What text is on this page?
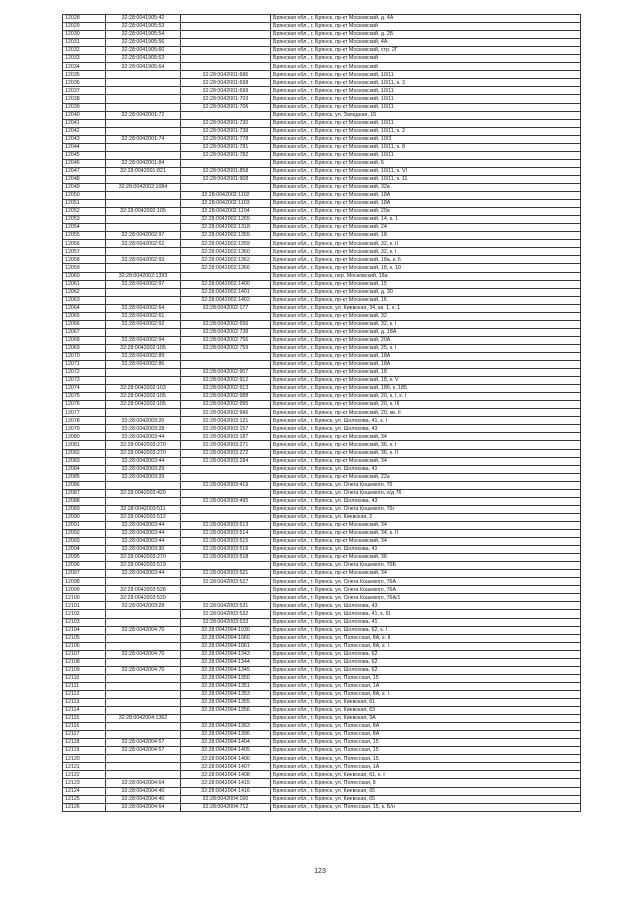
12028	32:28:0041905:42		Брянская обл., г. Брянск, пр-кт Московский, д. 4А
12029	32:28:0041905:53		Брянская обл., г. Брянск, пр-кт Московский
12030	32:28:0041905:54		Брянская обл., г. Брянск, пр-кт Московский, д. 2Б
12031	32:28:0041905:56		Брянская обл., г. Брянск, пр-кт Московский, 4А
12032	32:28:0041905:60		Брянская обл., г. Брянск, пр-кт Московский, стр. 2Г
12033	32:28:0041905:63		Брянская обл., г. Брянск, пр-кт Московский
12034	32:28:0041905:64		Брянская обл., г. Брянск, пр-кт Московский
12035		32:28:0042001:686	Брянская обл., г. Брянск, пр-кт Московский, 10/11
12036		32:28:0042001:698	Брянская обл., г. Брянск, пр-кт Московский, 10/11, к. 3
12037		32:28:0042001:699	Брянская обл., г. Брянск, пр-кт Московский, 10/11
12038		32:28:0042001:703	Брянская обл., г. Брянск, пр-кт Московский, 10/11
12039		32:28:0042001:706	Брянская обл., г. Брянск, пр-кт Московский, 10/11
12040	32:28:0042001:72		Брянская обл., г. Брянск, ул. Западная, 15
12041		32:28:0042001:730	Брянская обл., г. Брянск, пр-кт Московский, 10/11
12042		32:28:0042001:738	Брянская обл., г. Брянск, пр-кт Московский, 10/11, к. 2
12043	32:28:0042001:74	32:28:0042001:778	Брянская обл., г. Брянск, пр-кт Московский, 10/3
12044		32:28:0042001:781	Брянская обл., г. Брянск, пр-кт Московский, 10/11, к. 8
12045		32:28:0042001:782	Брянская обл., г. Брянск, пр-кт Московский, 10/11
12046	32:28:0042001:84		Брянская обл., г. Брянск, пр-кт Московский, 6
12047	32:28:0042001:821	32:28:0042001:858	Брянская обл., г. Брянск, пр-кт Московский, 10/11, к. VI
12048		32:28:0042001:908	Брянская обл., г. Брянск, пр-кт Московский, 10/11, к. 11
12049	32:28:0042002:1084		Брянская обл., г. Брянск, пр-кт Московский, 32а
12050		32:28:0042002:1102	Брянская обл., г. Брянск, пр-кт Московский, 18А
12051		32:28:0042002:1103	Брянская обл., г. Брянск, пр-кт Московский, 18А
12052	32:28:0042002:105	32:28:0042002:1104	Брянская обл., г. Брянск, пр-кт Московский, 20а
12053		32:28:0042002:1265	Брянская обл., г. Брянск, пр-кт Московский, 14, к. 1
12054		32:28:0042002:1318	Брянская обл., г. Брянск, пр-кт Московский, 24
12055	32:28:0042002:97	32:28:0042002:1355	Брянская обл., г. Брянск, пр-кт Московский, 18
12056	32:28:0042002:62	32:28:0042002:1359	Брянская обл., г. Брянск, пр-кт Московский, 32, к. II
12057		32:28:0042002:1360	Брянская обл., г. Брянск, пр-кт Московский, 32, к. I
12058	32:28:0042002:93	32:28:0042002:1362	Брянская обл., г. Брянск, пр-кт Московский, 18а, к. 6
12059		32:28:0042002:1366	Брянская обл., г. Брянск, пр-кт Московский, 18, к. 10
12060	32:28:0042002:1393		Брянская обл., г. Брянск, пер. Московский, 18а
12061	32:28:0042002:97	32:28:0042002:1400	Брянская обл., г. Брянск, пр-кт Московский, 15
12062		32:28:0042002:1401	Брянская обл., г. Брянск, пр-кт Московский, д. 30
12063		32:28:0042002:1402	Брянская обл., г. Брянск, пр-кт Московский, 16
12064	32:28:0042002:64	32:28:0042002:177	Брянская обл., г. Брянск, ул. Киевская, 34, кв. 1, к. 1
12065	32:28:0042002:61		Брянская обл., г. Брянск, пр-кт Московский, 32
12066	32:28:0042002:92	32:28:0042002:656	Брянская обл., г. Брянск, пр-кт Московский, 32, к. I
12067		32:28:0042002:738	Брянская обл., г. Брянск, пр-кт Московский, д. 18А
12068	32:28:0042002:94	32:28:0042002:756	Брянская обл., г. Брянск, пр-кт Московский, 20А
12069	32:28:0042002:105	32:28:0042002:759	Брянская обл., г. Брянск, пр-кт Московский, 25, к. I
12070	32:28:0042002:89		Брянская обл., г. Брянск, пр-кт Московский, 18А
12071	32:28:0042002:86		Брянская обл., г. Брянск, пр-кт Московский, 18А
12072		32:28:0042002:907	Брянская обл., г. Брянск, пр-кт Московский, 18
12073		32:28:0042002:912	Брянская обл., г. Брянск, пр-кт Московский, 18, к. V
12074	32:28:0042002:103	32:28:0042002:913	Брянская обл., г. Брянск, пр-кт Московский, 18б, к. 185
12075	32:28:0042002:105	32:28:0042002:988	Брянская обл., г. Брянск, пр-кт Московский, 20, к. I, к. I
12076	32:28:0042002:105	32:28:0042002:995	Брянская обл., г. Брянск, пр-кт Московский, 20, к. III
12077		32:28:0042002:996	Брянская обл., г. Брянск, пр-кт Московский, 20, кв. II
12078	32:28:0042003:20	32:28:0042003:121	Брянская обл., г. Брянск, ул. Шолохова, 41, к. I
12079	32:28:0042003:28	32:28:0042003:157	Брянская обл., г. Брянск, ул. Шолохова, 43
12080	32:28:0042003:44	32:28:0042003:187	Брянская обл., г. Брянск, пр-кт Московский, 34
12081	32:28:0042003:270	32:28:0042003:271	Брянская обл., г. Брянск, пр-кт Московский, 36, к. I
12082	32:28:0042003:270	32:28:0042003:272	Брянская обл., г. Брянск, пр-кт Московский, 36, к. II
12083	32:28:0042003:44	32:28:0042003:284	Брянская обл., г. Брянск, пр-кт Московский, 34
12084	32:28:0042003:29		Брянская обл., г. Брянск, ул. Шолохова, 41
12085	32:28:0042003:39		Брянская обл., г. Брянск, пр-кт Московский, 22а
12086		32:28:0042003:419	Брянская обл., г. Брянск, ул. Олега Кошевого, 76
12087	32:28:0042003:420		Брянская обл., г. Брянск, ул. Олега Кошевого, о/д 76
12088		32:28:0042003:495	Брянская обл., г. Брянск, ул. Шолохова, 43
12089	32:28:0042003:511		Брянская обл., г. Брянск, ул. Олега Кошевого, 76г
12090	32:28:0042003:512		Брянская обл., г. Брянск, ул. Киевская, 2
12091	32:28:0042003:44	32:28:0042003:513	Брянская обл., г. Брянск, пр-кт Московский, 34
12092	32:28:0042003:44	32:28:0042003:514	Брянская обл., г. Брянск, пр-кт Московский, 34, к. II
12093	32:28:0042003:44	32:28:0042003:515	Брянская обл., г. Брянск, пр-кт Московский, 34
12094	32:28:0042003:30	32:28:0042003:516	Брянская обл., г. Брянск, ул. Шолохова, 41
12095	32:28:0042003:270	32:28:0042003:518	Брянская обл., г. Брянск, пр-кт Московский, 36
12096	32:28:0042003:519		Брянская обл., г. Брянск, ул. Олега Кошевого, 76Б
12097	32:28:0042003:44	32:28:0042003:521	Брянская обл., г. Брянск, пр-кт Московский, 34
12098		32:28:0042003:527	Брянская обл., г. Брянск, ул. Олега Кошевого, 76А
12099	32:28:0042003:528		Брянская обл., г. Брянск, ул. Олега Кошевого, 76А
12100	32:28:0042003:529		Брянская обл., г. Брянск, ул. Олега Кошевого, 76А/1
12101	32:28:0042003:28	32:28:0042003:531	Брянская обл., г. Брянск, ул. Шолохова, 43
12102		32:28:0042003:532	Брянская обл., г. Брянск, ул. Шолохова, 41, к. III
12103		32:28:0042003:533	Брянская обл., г. Брянск, ул. Шолохова, 41
12104	32:28:0042004:70	32:28:0042004:1030	Брянская обл., г. Брянск, ул. Шолохова, 62, к. I
12105		32:28:0042004:1060	Брянская обл., г. Брянск, ул. Полесская, 8А, к. II
12106		32:28:0042004:1061	Брянская обл., г. Брянск, ул. Полесская, 8А, к. I
12107	32:28:0042004:70	32:28:0042004:1343	Брянская обл., г. Брянск, ул. Шолохова, 62
12108		32:28:0042004:1344	Брянская обл., г. Брянск, ул. Шолохова, 62
12109	32:28:0042004:70	32:28:0042004:1345	Брянская обл., г. Брянск, ул. Шолохова, 62
12110		32:28:0042004:1350	Брянская обл., г. Брянск, ул. Полесская, 15
12111		32:28:0042004:1351	Брянская обл., г. Брянск, ул. Полесская, 1А
12112		32:28:0042004:1353	Брянская обл., г. Брянск, ул. Полесская, 8А, к. I
12113		32:28:0042004:1355	Брянская обл., г. Брянск, ул. Киевская, 61
12114		32:28:0042004:1356	Брянская обл., г. Брянск, ул. Киевская, 63
12115	32:28:0042004:1362		Брянская обл., г. Брянск, ул. Киевская, 3А
12116		32:28:0042004:1363	Брянская обл., г. Брянск, ул. Полесская, 8А
12117		32:28:0042004:1396	Брянская обл., г. Брянск, ул. Полесская, 8А
12118	32:28:0042004:57	32:28:0042004:1404	Брянская обл., г. Брянск, ул. Полесская, 15
12119	32:28:0042004:57	32:28:0042004:1405	Брянская обл., г. Брянск, ул. Полесская, 15
12120		32:28:0042004:1406	Брянская обл., г. Брянск, ул. Полесская, 15
12121		32:28:0042004:1407	Брянская обл., г. Брянск, ул. Полесская, 1А
12122		32:28:0042004:1408	Брянская обл., г. Брянск, ул. Киевская, 61, к. I
12123	32:28:0042004:64	32:28:0042004:1415	Брянская обл., г. Брянск, ул. Полесская, 8
12124	32:28:0042004:40	32:28:0042004:1416	Брянская обл., г. Брянск, ул. Киевская, 65
12125	32:28:0042004:40	32:28:0042004:160	Брянская обл., г. Брянск, ул. Киевская, 65
12126	32:28:0042004:64	32:28:0042004:712	Брянская обл., г. Брянск, ул. Полесская, 15, к. Б/н
123
